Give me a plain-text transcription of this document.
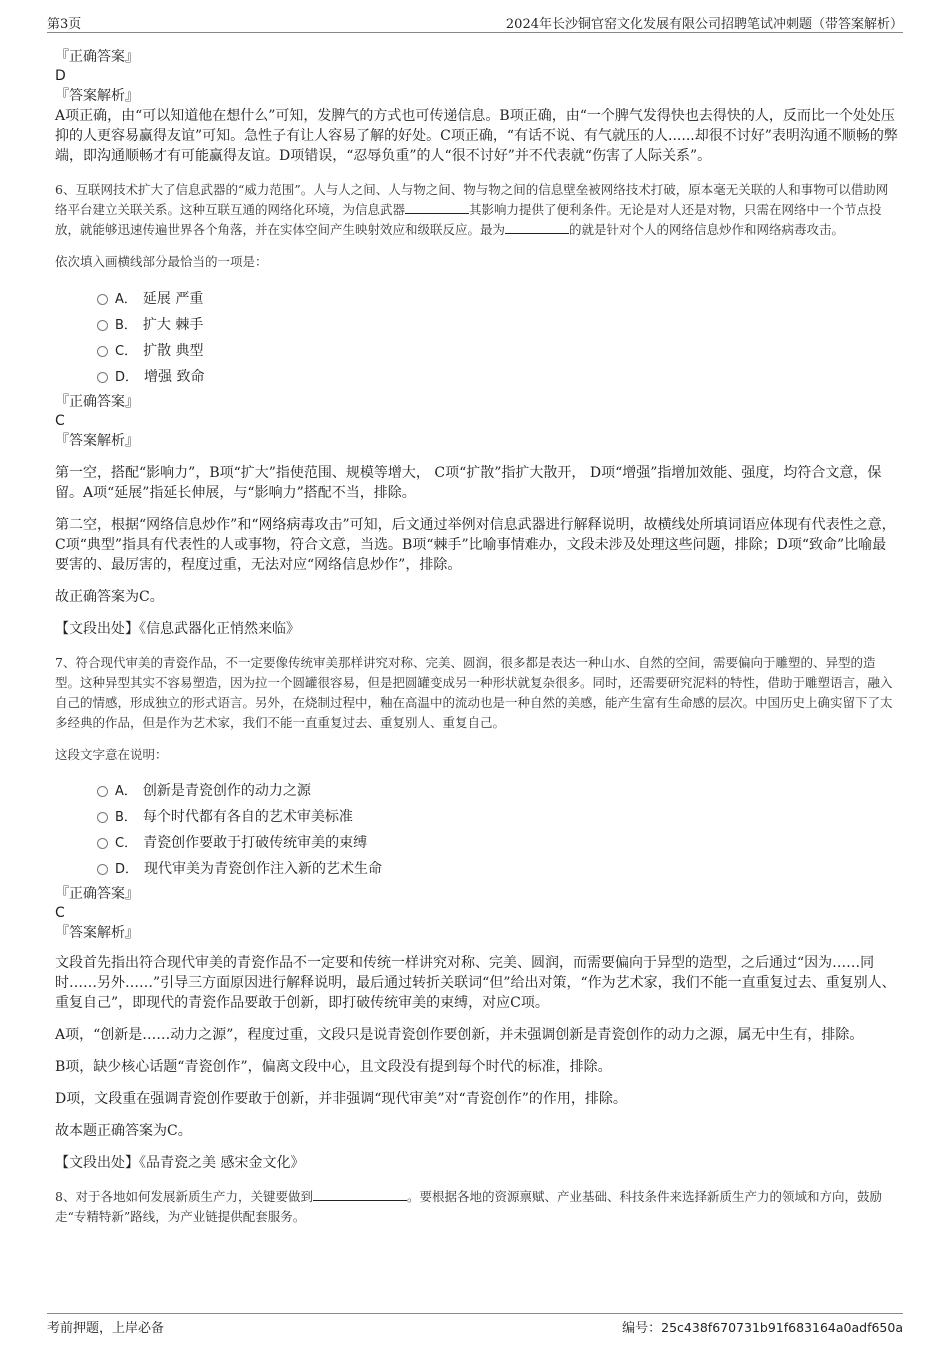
第3页	2024年长沙铜官窑文化发展有限公司招聘笔试冲刺题（带答案解析）

『正确答案』

D

『答案解析』

A项正确，由“可以知道他在想什么”可知，发脾气的方式也可传递信息。B项正确，由“一个脾气发得快也去得快的人，反而比一个处处压抑的人更容易赢得友谊”可知。急性子有让人容易了解的好处。C项正确，“有话不说、有气就压的人......却很不讨好”表明沟通不顺畅的弊端，即沟通顺畅才有可能赢得友谊。D项错误，“忍辱负重”的人“很不讨好”并不代表就“伤害了人际关系”。

6、互联网技术扩大了信息武器的“威力范围”。人与人之间、人与物之间、物与物之间的信息壁垒被网络技术打破，原本毫无关联的人和事物可以借助网络平台建立关联关系。这种互联互通的网络化环境，为信息武器	其影响力提供了便利条件。无论是对人还是对物，只需在网络中一个节点投放，就能够迅速传遍世界各个角落，并在实体空间产生映射效应和级联反应。最为	的就是针对个人的网络信息炒作和网络病毒攻击。

依次填入画横线部分最恰当的一项是：

A． 延展 严重
B． 扩大 棘手
C． 扩散 典型
D． 增强 致命

『正确答案』

C

『答案解析』

第一空，搭配“影响力”，B项“扩大”指使范围、规模等增大， C项“扩散”指扩大散开， D项“增强”指增加效能、强度，均符合文意，保留。A项“延展”指延长伸展，与“影响力”搭配不当，排除。

第二空，根据“网络信息炒作”和“网络病毒攻击”可知，后文通过举例对信息武器进行解释说明，故横线处所填词语应体现有代表性之意，C项“典型”指具有代表性的人或事物，符合文意，当选。B项“棘手”比喻事情难办，文段未涉及处理这些问题，排除；D项“致命”比喻最要害的、最厉害的，程度过重，无法对应“网络信息炒作”，排除。

故正确答案为C。

【文段出处】《信息武器化正悄然来临》

7、符合现代审美的青瓷作品，不一定要像传统审美那样讲究对称、完美、圆润，很多都是表达一种山水、自然的空间，需要偏向于雕塑的、异型的造型。这种异型其实不容易塑造，因为拉一个圆罐很容易，但是把圆罐变成另一种形状就复杂很多。同时，还需要研究泥料的特性，借助于雕塑语言，融入自己的情感，形成独立的形式语言。另外，在烧制过程中，釉在高温中的流动也是一种自然的美感，能产生富有生命感的层次。中国历史上确实留下了太多经典的作品，但是作为艺术家，我们不能一直重复过去、重复别人、重复自己。

这段文字意在说明：

A． 创新是青瓷创作的动力之源
B． 每个时代都有各自的艺术审美标准
C． 青瓷创作要敢于打破传统审美的束缚
D． 现代审美为青瓷创作注入新的艺术生命

『正确答案』

C

『答案解析』

文段首先指出符合现代审美的青瓷作品不一定要和传统一样讲究对称、完美、圆润，而需要偏向于异型的造型，之后通过“因为……同时……另外……”引导三方面原因进行解释说明，最后通过转折关联词“但”给出对策，“作为艺术家，我们不能一直重复过去、重复别人、重复自己”，即现代的青瓷作品要敢于创新，即打破传统审美的束缚，对应C项。

A项，“创新是……动力之源”，程度过重，文段只是说青瓷创作要创新，并未强调创新是青瓷创作的动力之源，属无中生有，排除。

B项，缺少核心话题“青瓷创作”，偏离文段中心，且文段没有提到每个时代的标准，排除。

D项，文段重在强调青瓷创作要敢于创新，并非强调“现代审美”对“青瓷创作”的作用，排除。

故本题正确答案为C。

【文段出处】《品青瓷之美 感宋金文化》

8、对于各地如何发展新质生产力，关键要做到	。要根据各地的资源禀赋、产业基础、科技条件来选择新质生产力的领域和方向，鼓励走“专精特新”路线，为产业链提供配套服务。

考前押题，上岸必备	编号：25c438f670731b91f683164a0adf650a
